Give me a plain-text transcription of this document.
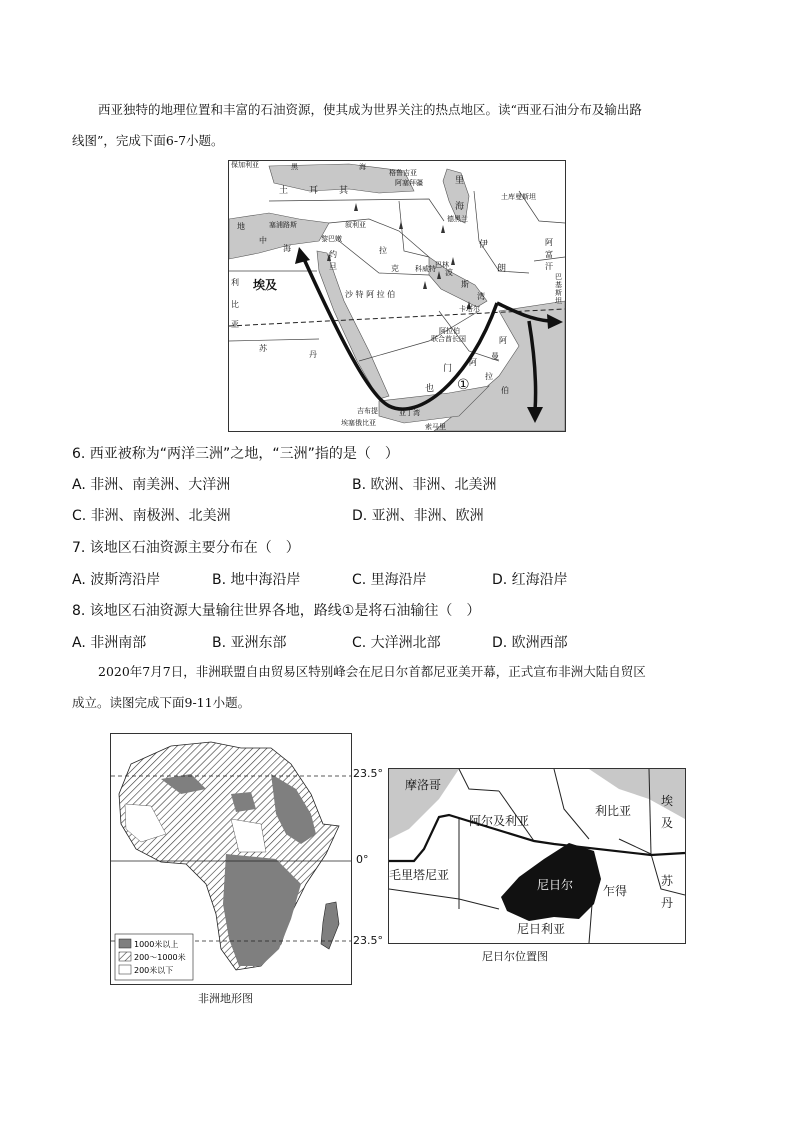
西亚独特的地理位置和丰富的石油资源，使其成为世界关注的热点地区。读“西亚石油分布及输出路
线图”，完成下面6-7小题。
保加利亚	黑	海
格鲁吉亚
阿塞拜疆	里
海
土库曼斯坦
德黑兰
土 耳 其
塞浦路斯	叙利亚
黎巴嫩
地
中
海	拉
克
伊
朗
阿
富
汗
巴
基
斯
坦
埃及
约
旦
利
比
亚
沙 特 阿 拉 伯
科威特 巴林
卡塔尔
波
斯
湾
阿拉伯
联合酋长国	阿
曼
苏
丹
也
门
①
阿
拉
伯
吉布提
埃塞俄比亚	索马里
亚丁湾
6. 西亚被称为“两洋三洲”之地，“三洲”指的是（　）
A. 非洲、南美洲、大洋洲	B. 欧洲、非洲、北美洲
C. 非洲、南极洲、北美洲	D. 亚洲、非洲、欧洲
7. 该地区石油资源主要分布在（　）
A. 波斯湾沿岸	B. 地中海沿岸	C. 里海沿岸	D. 红海沿岸
8. 该地区石油资源大量输往世界各地，路线①是将石油输往（　）
A. 非洲南部	B. 亚洲东部	C. 大洋洲北部	D. 欧洲西部
2020年7月7日，非洲联盟自由贸易区特别峰会在尼日尔首都尼亚美开幕，正式宣布非洲大陆自贸区
成立。读图完成下面9-11小题。
1000米以上
200～1000米
200米以下
23.5°
0°
23.5°
非洲地形图
摩洛哥
阿尔及利亚
利比亚
埃
及
毛里塔尼亚
尼日尔 乍得
苏
丹
尼日利亚
尼日尔位置图
